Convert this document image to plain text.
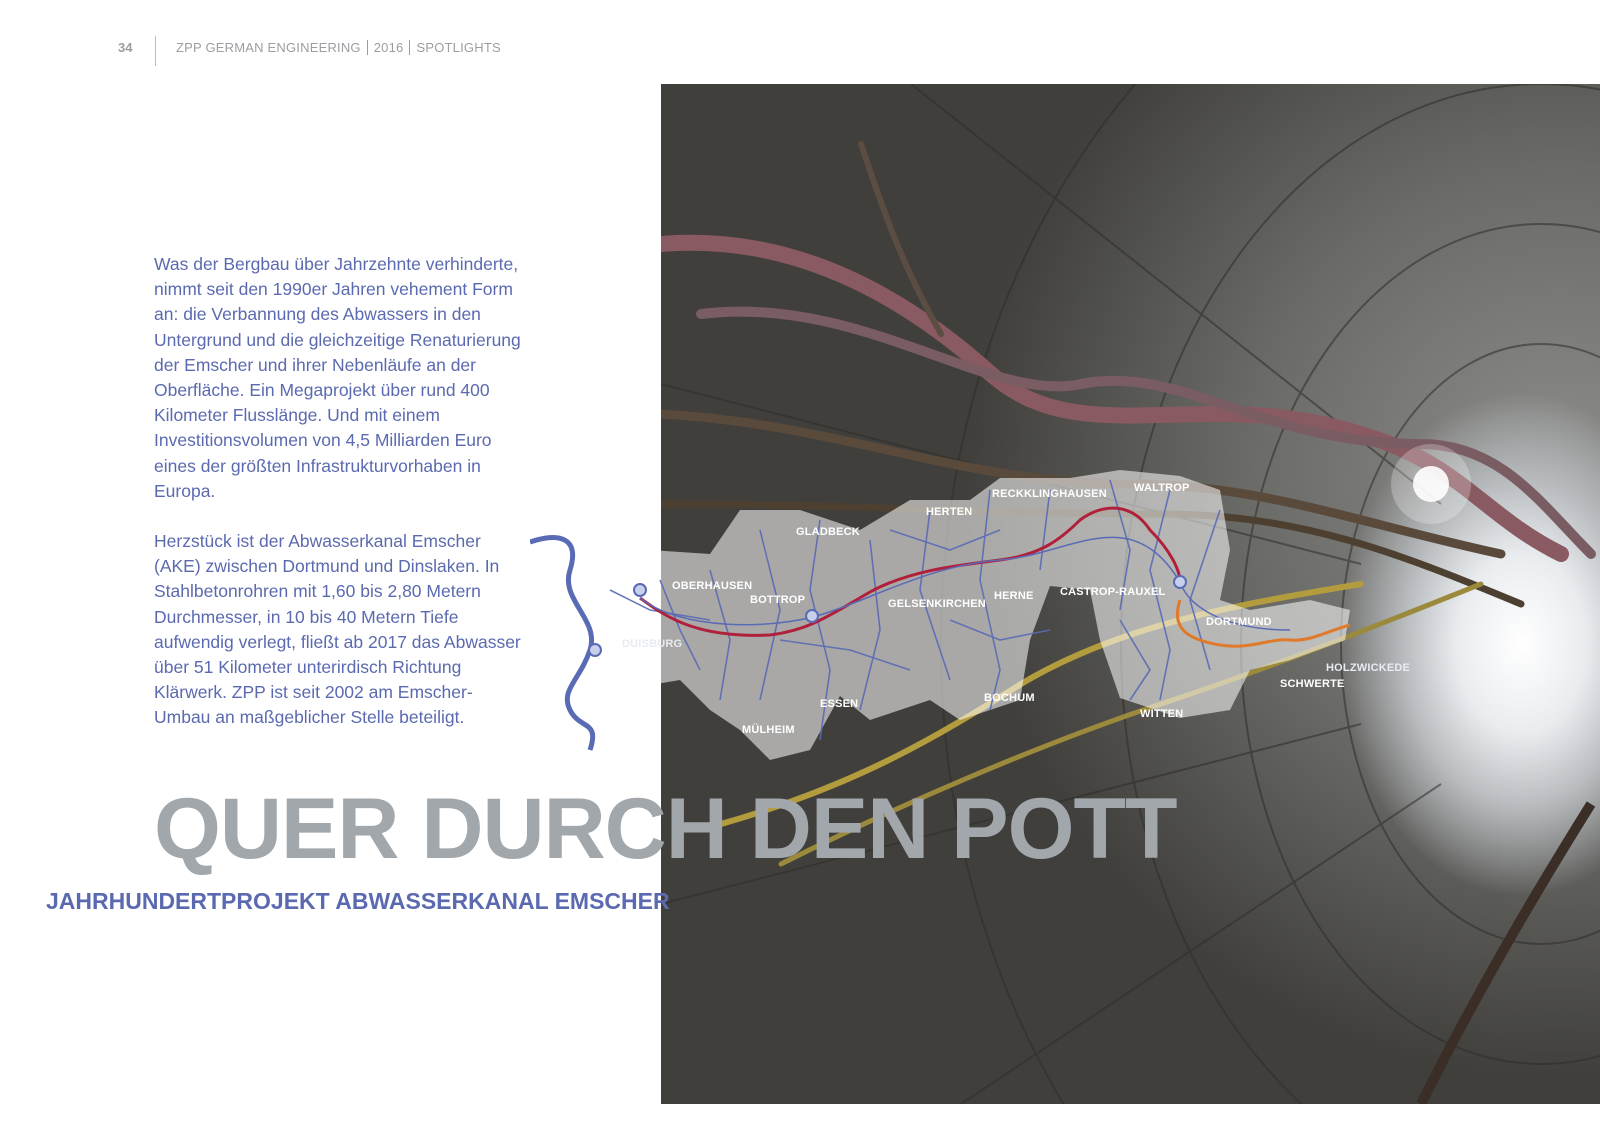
34	ZPP GERMAN ENGINEERING 2016 SPOTLIGHTS

Was der Bergbau über Jahrzehnte verhinderte, nimmt seit den 1990er Jahren vehement Form an: die Verbannung des Abwassers in den Untergrund und die gleichzeitige Renaturierung der Emscher und ihrer Nebenläufe an der Oberfläche. Ein Megaprojekt über rund 400 Kilometer Flusslänge. Und mit einem Investitionsvolumen von 4,5 Milliarden Euro eines der größten Infrastrukturvorhaben in Europa.

Herzstück ist der Abwasserkanal Emscher (AKE) zwischen Dortmund und Dinslaken. In Stahlbetonrohren mit 1,60 bis 2,80 Metern Durchmesser, in 10 bis 40 Metern Tiefe aufwendig verlegt, fließt ab 2017 das Abwasser über 51 Kilometer unterirdisch Richtung Klärwerk. ZPP ist seit 2002 am Emscher-Umbau an maßgeblicher Stelle beteiligt.

OBERHAUSEN
DUISBURG
BOTTROP
GLADBECK
HERTEN
RECKKLINGHAUSEN WALTROP
CASTROP-RAUXEL
DORTMUND
GELSENKIRCHEN
HERNE
ESSEN
MÜLHEIM
BOCHUM
WITTEN
SCHWERTE
HOLZWICKEDE
QUER DURCH DEN POTT
JAHRHUNDERTPROJEKT ABWASSERKANAL EMSCHER
